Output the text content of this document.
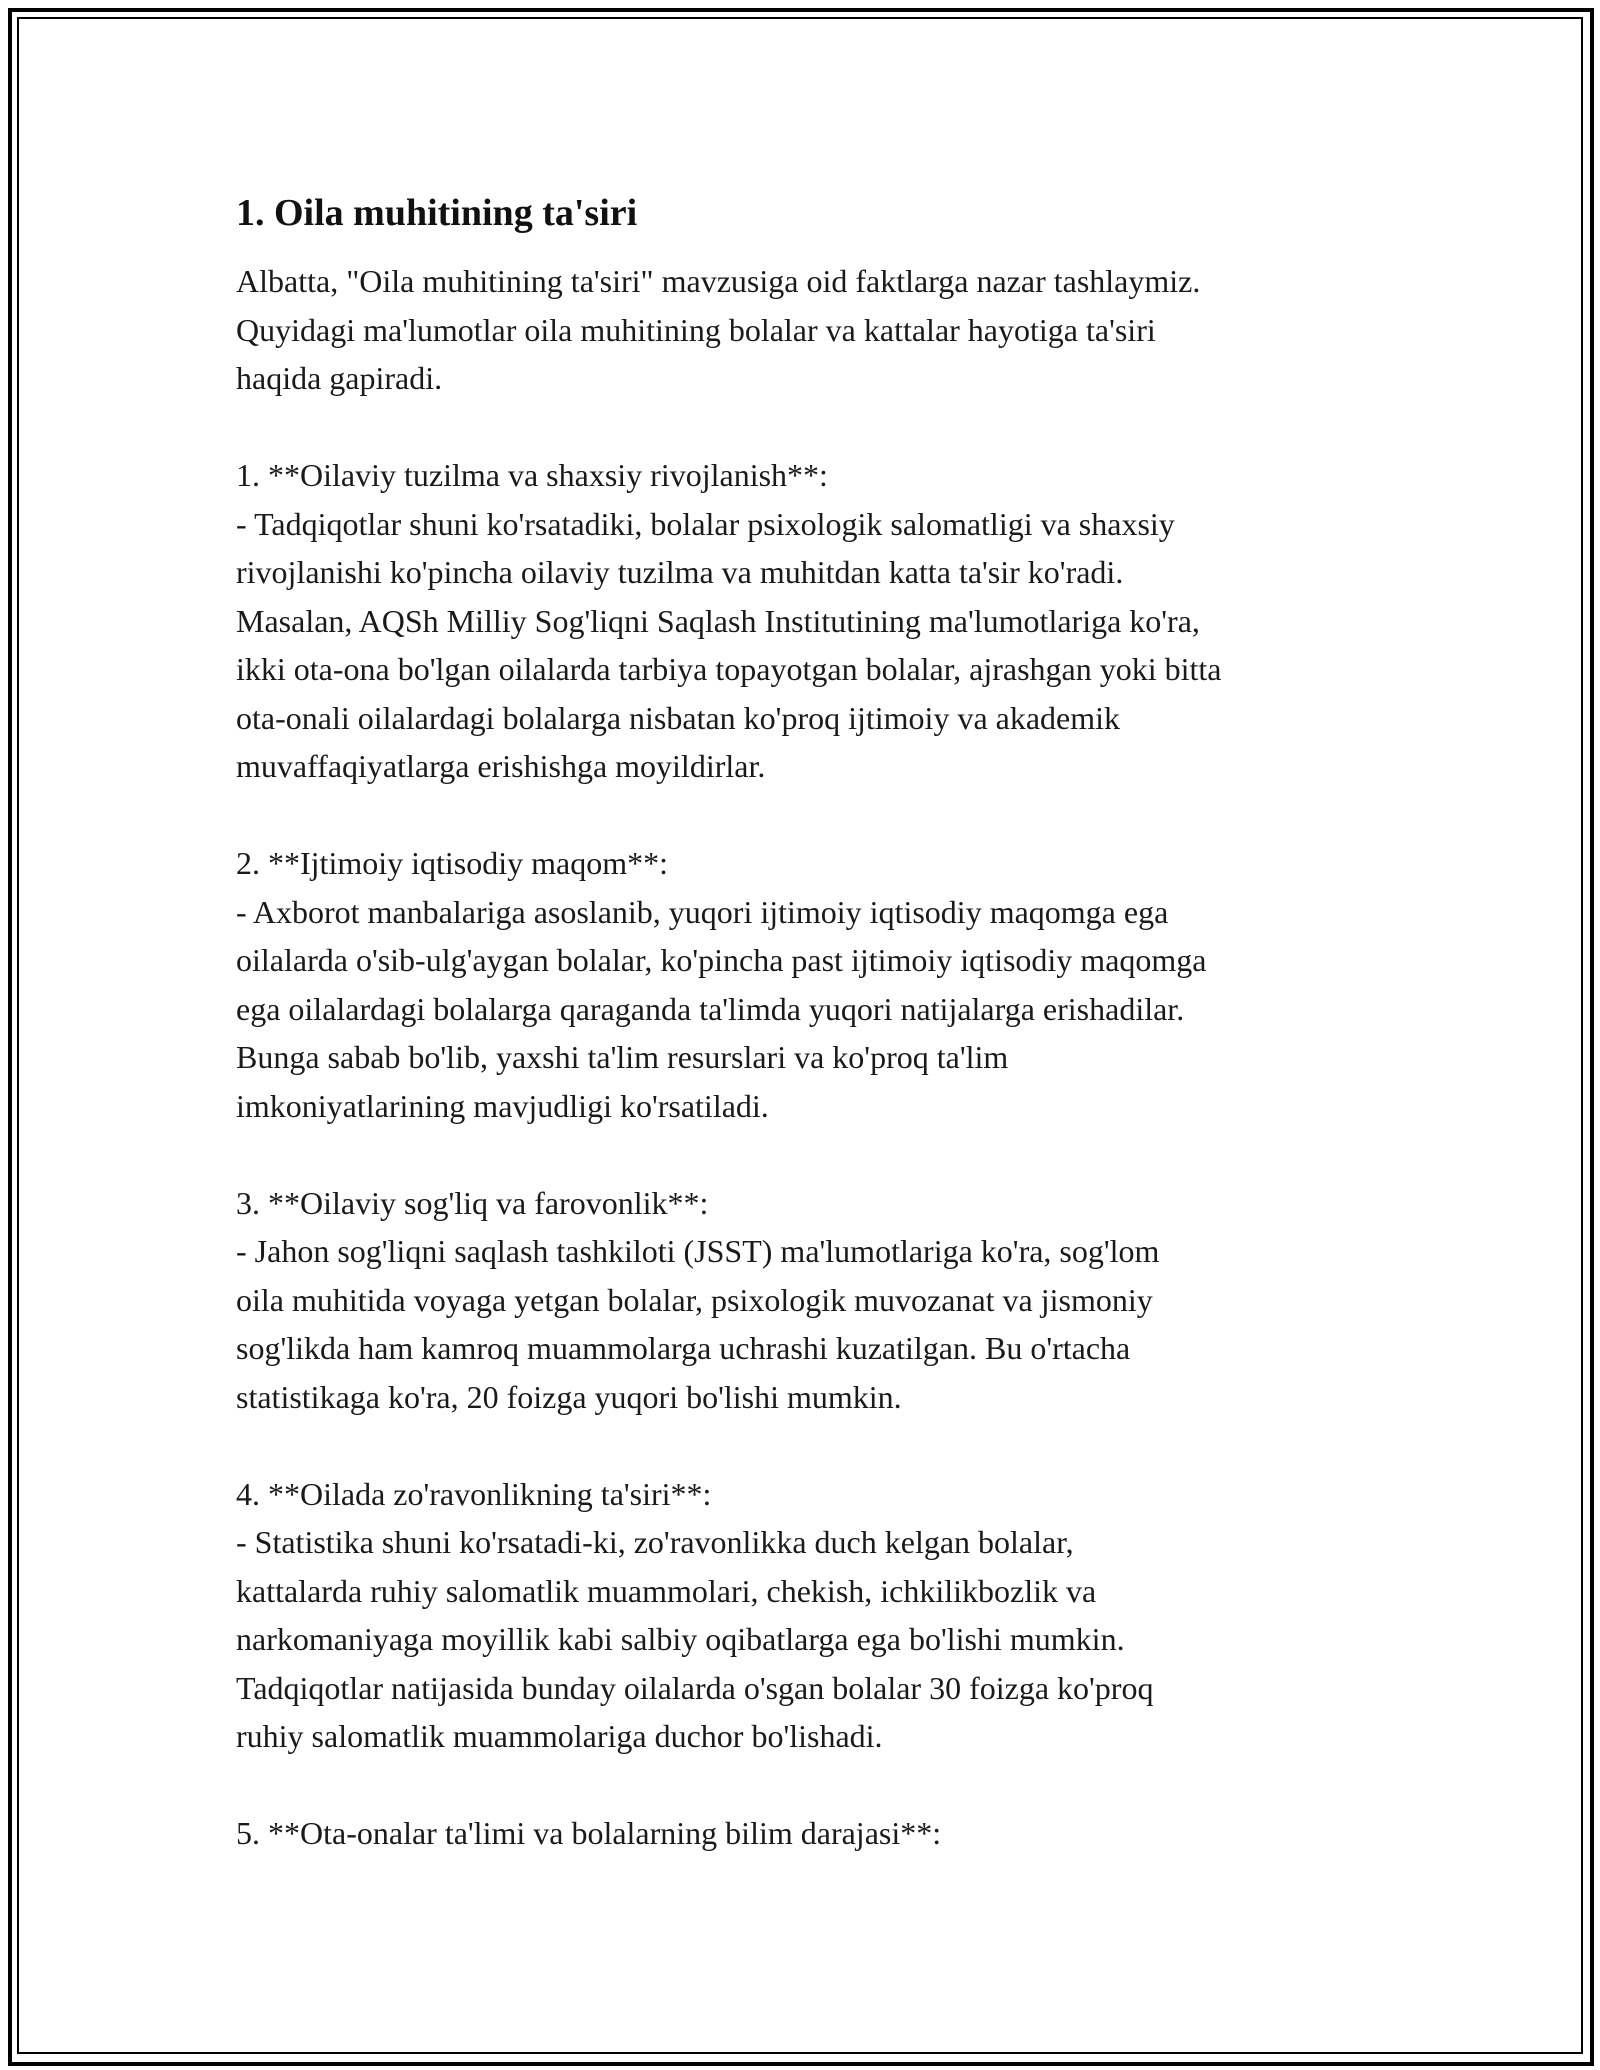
1. Oila muhitining ta'siri

Albatta, "Oila muhitining ta'siri" mavzusiga oid faktlarga nazar tashlaymiz.
Quyidagi ma'lumotlar oila muhitining bolalar va kattalar hayotiga ta'siri
haqida gapiradi.

1. **Oilaviy tuzilma va shaxsiy rivojlanish**:

- Tadqiqotlar shuni ko'rsatadiki, bolalar psixologik salomatligi va shaxsiy
rivojlanishi ko'pincha oilaviy tuzilma va muhitdan katta ta'sir ko'radi.
Masalan, AQSh Milliy Sog'liqni Saqlash Institutining ma'lumotlariga ko'ra,
ikki ota-ona bo'lgan oilalarda tarbiya topayotgan bolalar, ajrashgan yoki bitta
ota-onali oilalardagi bolalarga nisbatan ko'proq ijtimoiy va akademik
muvaffaqiyatlarga erishishga moyildirlar.

2. **Ijtimoiy iqtisodiy maqom**:

- Axborot manbalariga asoslanib, yuqori ijtimoiy iqtisodiy maqomga ega
oilalarda o'sib-ulg'aygan bolalar, ko'pincha past ijtimoiy iqtisodiy maqomga
ega oilalardagi bolalarga qaraganda ta'limda yuqori natijalarga erishadilar.
Bunga sabab bo'lib, yaxshi ta'lim resurslari va ko'proq ta'lim
imkoniyatlarining mavjudligi ko'rsatiladi.

3. **Oilaviy sog'liq va farovonlik**:

- Jahon sog'liqni saqlash tashkiloti (JSST) ma'lumotlariga ko'ra, sog'lom
oila muhitida voyaga yetgan bolalar, psixologik muvozanat va jismoniy
sog'likda ham kamroq muammolarga uchrashi kuzatilgan. Bu o'rtacha
statistikaga ko'ra, 20 foizga yuqori bo'lishi mumkin.

4. **Oilada zo'ravonlikning ta'siri**:

- Statistika shuni ko'rsatadi-ki, zo'ravonlikka duch kelgan bolalar,
kattalarda ruhiy salomatlik muammolari, chekish, ichkilikbozlik va
narkomaniyaga moyillik kabi salbiy oqibatlarga ega bo'lishi mumkin.
Tadqiqotlar natijasida bunday oilalarda o'sgan bolalar 30 foizga ko'proq
ruhiy salomatlik muammolariga duchor bo'lishadi.

5. **Ota-onalar ta'limi va bolalarning bilim darajasi**:
